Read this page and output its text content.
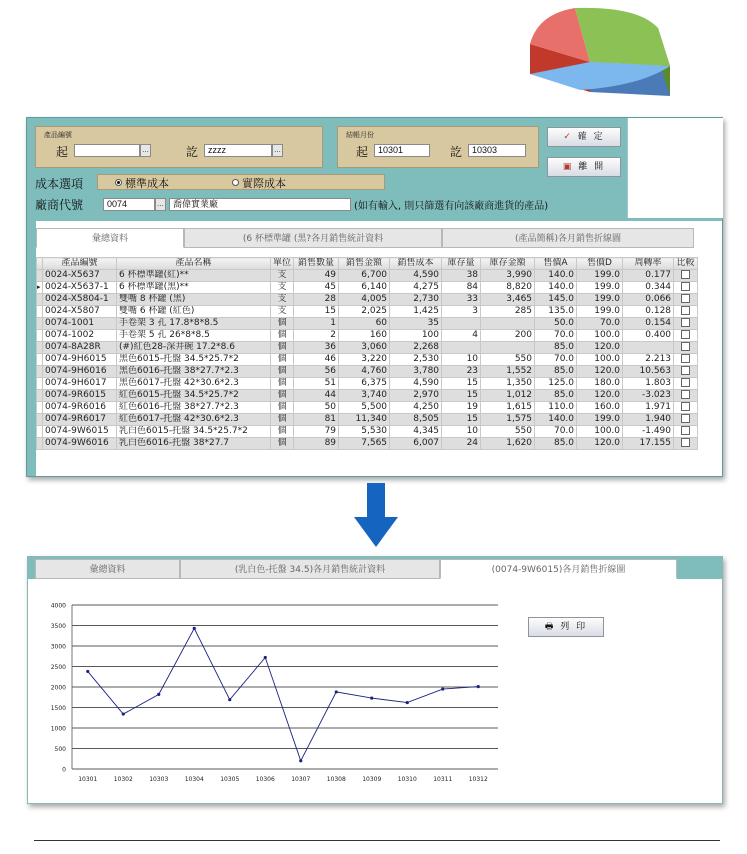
產品編號
起	...	訖
zzzz	...
結帳月份
起
10301	訖
10303
✓ 確 定
▣ 離 開
成本選項	標準成本	實際成本
廠商代號
0074	...
喬偉實業廠	(如有輸入, 則只篩選有向該廠商進貨的產品)
彙總資料	(6 杯標準罐 (黑?各月銷售統計資料	(產品簡稱)各月銷售折線圖
	產品編號	產品名稱	單位	銷售數量	銷售金額	銷售成本	庫存量	庫存金額	售價A	售價D	周轉率	比較
	0024-X5637	6 杯標準罐(紅)**	支	49	6,700	4,590	38	3,990	140.0	199.0	0.177	
▸	0024-X5637-1	6 杯標準罐(黑)**	支	45	6,140	4,275	84	8,820	140.0	199.0	0.344	
	0024-X5804-1	雙嘴 8 杯罐 (黑)	支	28	4,005	2,730	33	3,465	145.0	199.0	0.066	
	0024-X5807	雙嘴 6 杯罐 (紅色)	支	15	2,025	1,425	3	285	135.0	199.0	0.128	
	0074-1001	手卷架 3 孔 17.8*8*8.5	個	1	60	35			50.0	70.0	0.154	
	0074-1002	手卷架 5 孔 26*8*8.5	個	2	160	100	4	200	70.0	100.0	0.400	
	0074-8A28R	(#)紅色28-深井碗 17.2*8.6	個	36	3,060	2,268			85.0	120.0		
	0074-9H6015	黑色6015-托盤 34.5*25.7*2	個	46	3,220	2,530	10	550	70.0	100.0	2.213	
	0074-9H6016	黑色6016-托盤 38*27.7*2.3	個	56	4,760	3,780	23	1,552	85.0	120.0	10.563	
	0074-9H6017	黑色6017-托盤 42*30.6*2.3	個	51	6,375	4,590	15	1,350	125.0	180.0	1.803	
	0074-9R6015	紅色6015-托盤 34.5*25.7*2	個	44	3,740	2,970	15	1,012	85.0	120.0	-3.023	
	0074-9R6016	紅色6016-托盤 38*27.7*2.3	個	50	5,500	4,250	19	1,615	110.0	160.0	1.971	
	0074-9R6017	紅色6017-托盤 42*30.6*2.3	個	81	11,340	8,505	15	1,575	140.0	199.0	1.940	
	0074-9W6015	乳白色6015-托盤 34.5*25.7*2	個	79	5,530	4,345	10	550	70.0	100.0	-1.490	
	0074-9W6016	乳白色6016-托盤 38*27.7	個	89	7,565	6,007	24	1,620	85.0	120.0	17.155	
彙總資料	(乳白色-托盤 34.5)各月銷售統計資料	(0074-9W6015)各月銷售折線圖
🖶 列 印
0
500
1000
1500
2000
2500
3000
3500
4000
10301	10302	10303	10304	10305	10306	10307	10308	10309	10310	10311	10312
